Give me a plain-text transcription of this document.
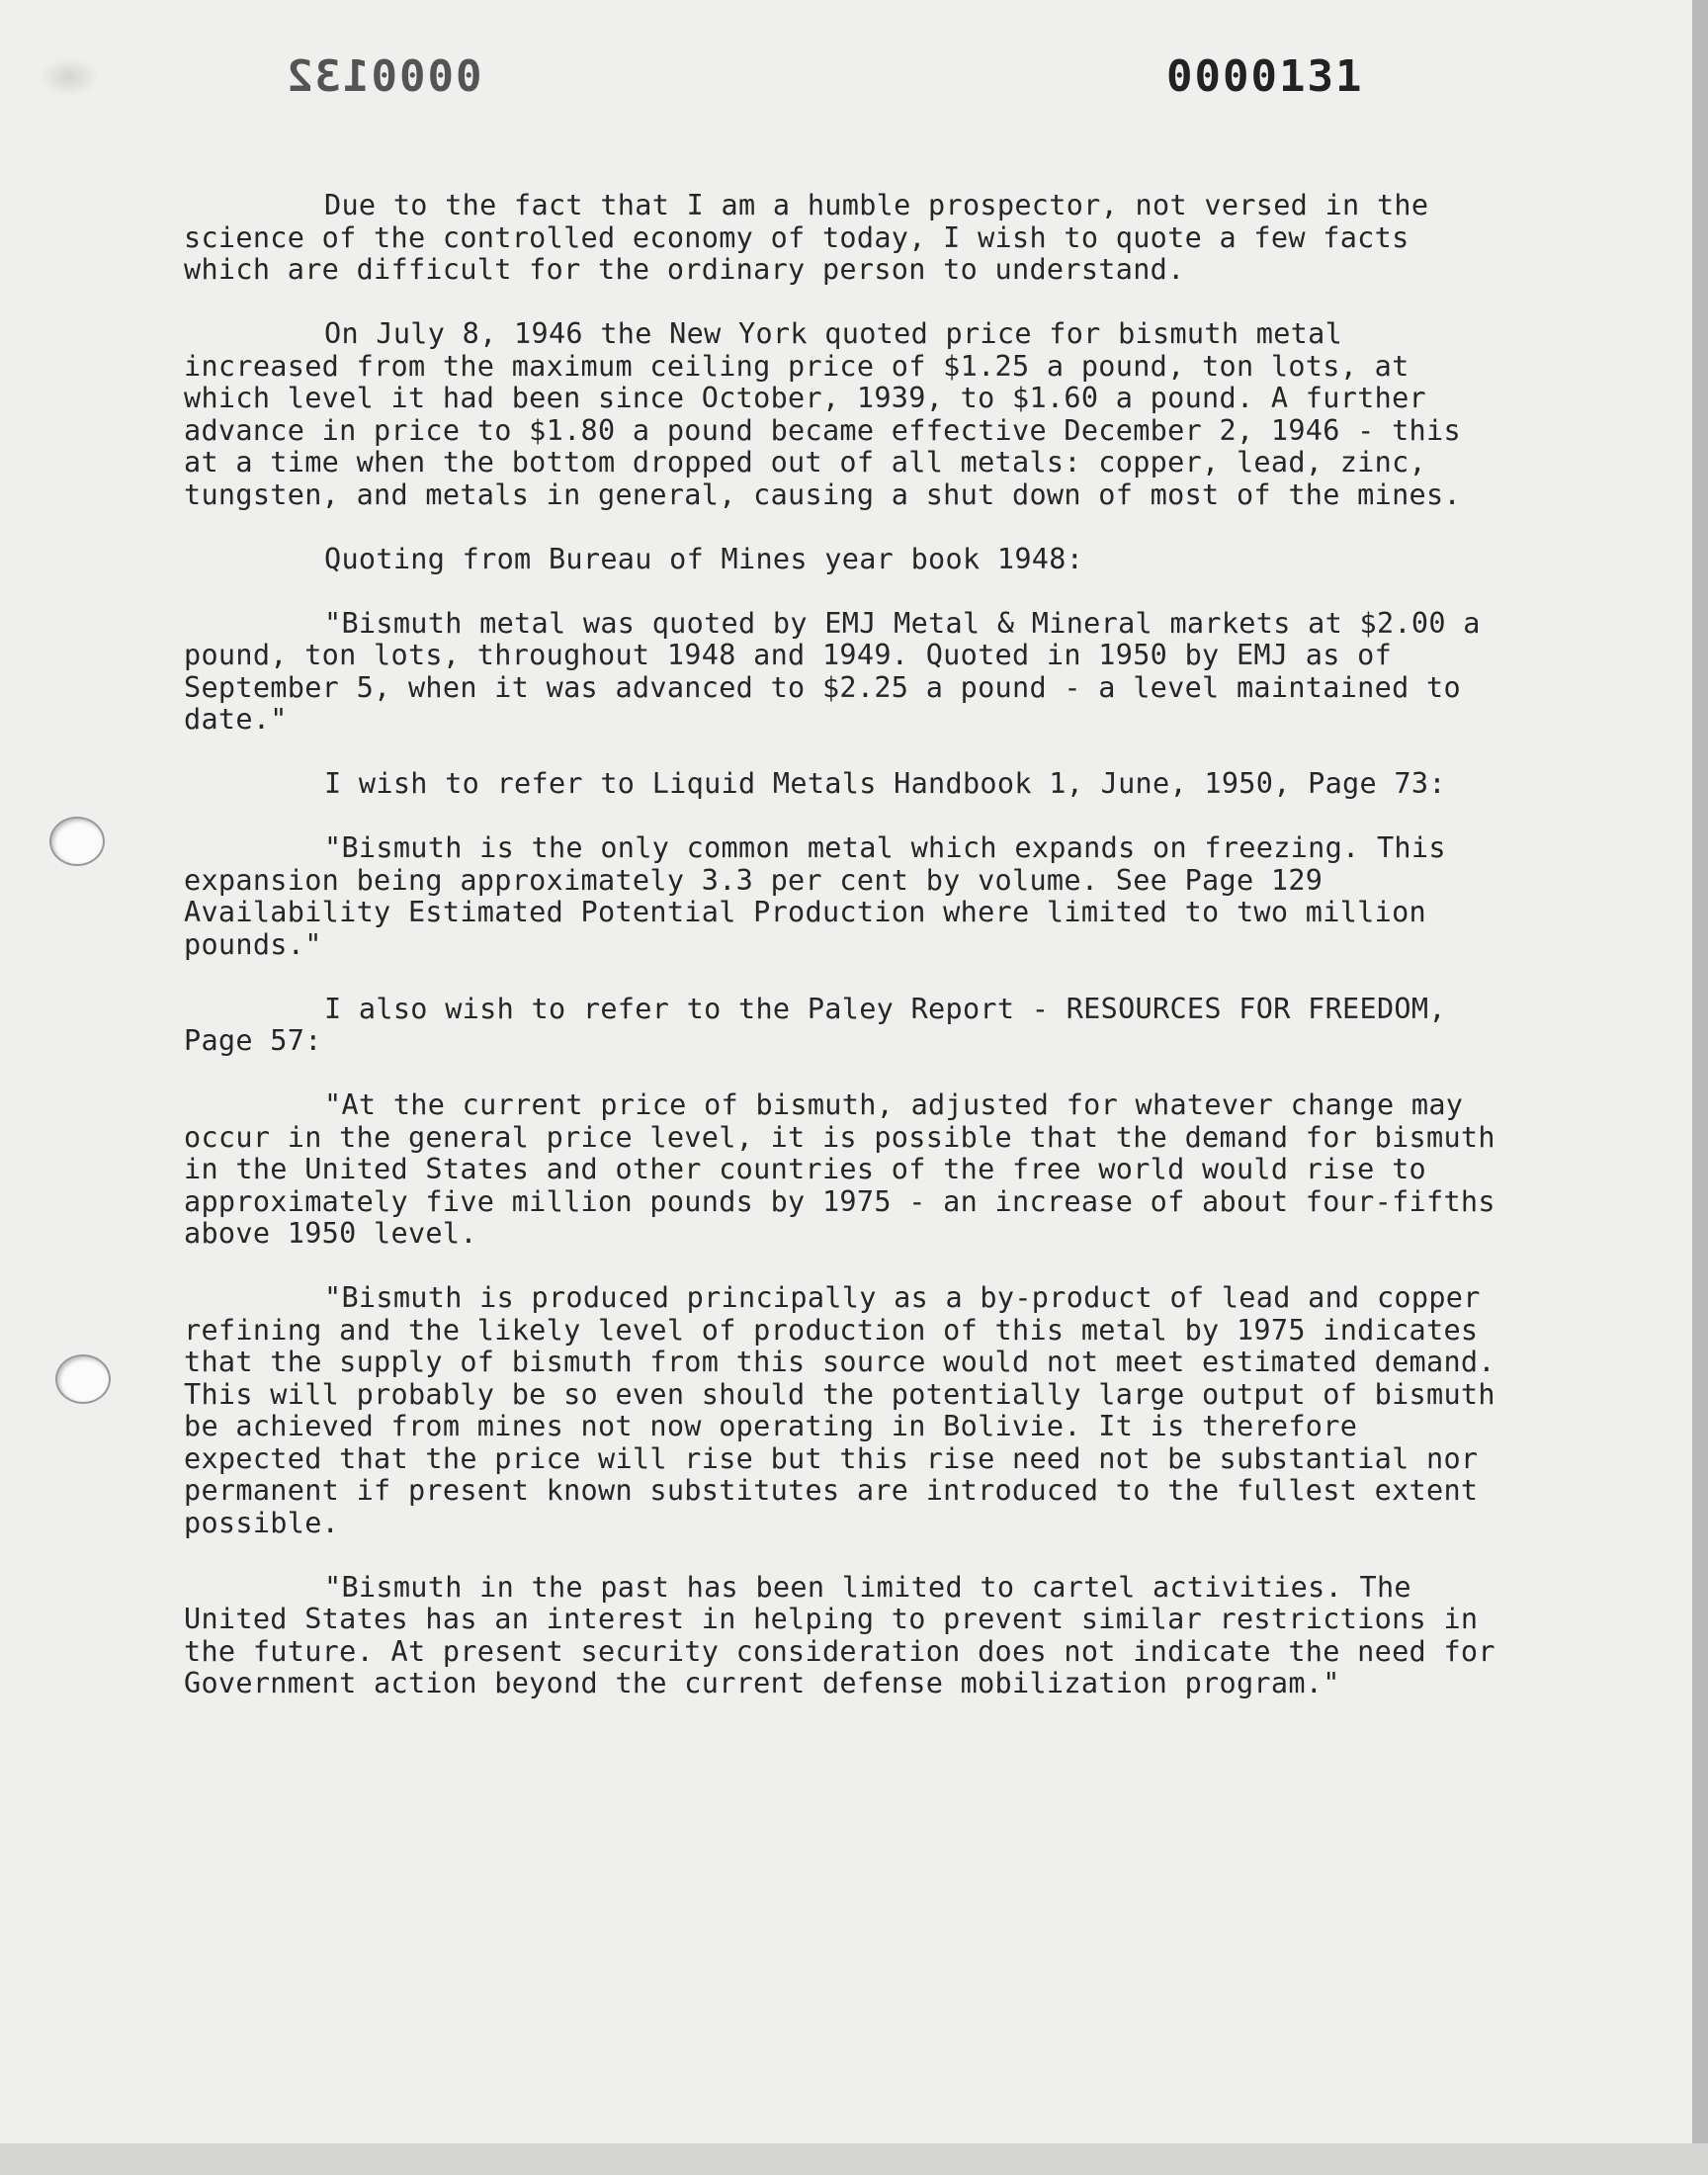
0000132	0000131

Due to the fact that I am a humble prospector, not versed in the science of the controlled economy of today, I wish to quote a few facts which are difficult for the ordinary person to understand.

On July 8, 1946 the New York quoted price for bismuth metal increased from the maximum ceiling price of $1.25 a pound, ton lots, at which level it had been since October, 1939, to $1.60 a pound. A further advance in price to $1.80 a pound became effective December 2, 1946 - this at a time when the bottom dropped out of all metals: copper, lead, zinc, tungsten, and metals in general, causing a shut down of most of the mines.

Quoting from Bureau of Mines year book 1948:

"Bismuth metal was quoted by EMJ Metal & Mineral markets at $2.00 a pound, ton lots, throughout 1948 and 1949. Quoted in 1950 by EMJ as of September 5, when it was advanced to $2.25 a pound - a level maintained to date."

I wish to refer to Liquid Metals Handbook 1, June, 1950, Page 73:

"Bismuth is the only common metal which expands on freezing. This expansion being approximately 3.3 per cent by volume. See Page 129 Availability Estimated Potential Production where limited to two million pounds."

I also wish to refer to the Paley Report - RESOURCES FOR FREEDOM, Page 57:

"At the current price of bismuth, adjusted for whatever change may occur in the general price level, it is possible that the demand for bismuth in the United States and other countries of the free world would rise to approximately five million pounds by 1975 - an increase of about four-fifths above 1950 level.

"Bismuth is produced principally as a by-product of lead and copper refining and the likely level of production of this metal by 1975 indicates that the supply of bismuth from this source would not meet estimated demand. This will probably be so even should the potentially large output of bismuth be achieved from mines not now operating in Bolivie. It is therefore expected that the price will rise but this rise need not be substantial nor permanent if present known substitutes are introduced to the fullest extent possible.

"Bismuth in the past has been limited to cartel activities. The United States has an interest in helping to prevent similar restrictions in the future. At present security consideration does not indicate the need for Government action beyond the current defense mobilization program."
